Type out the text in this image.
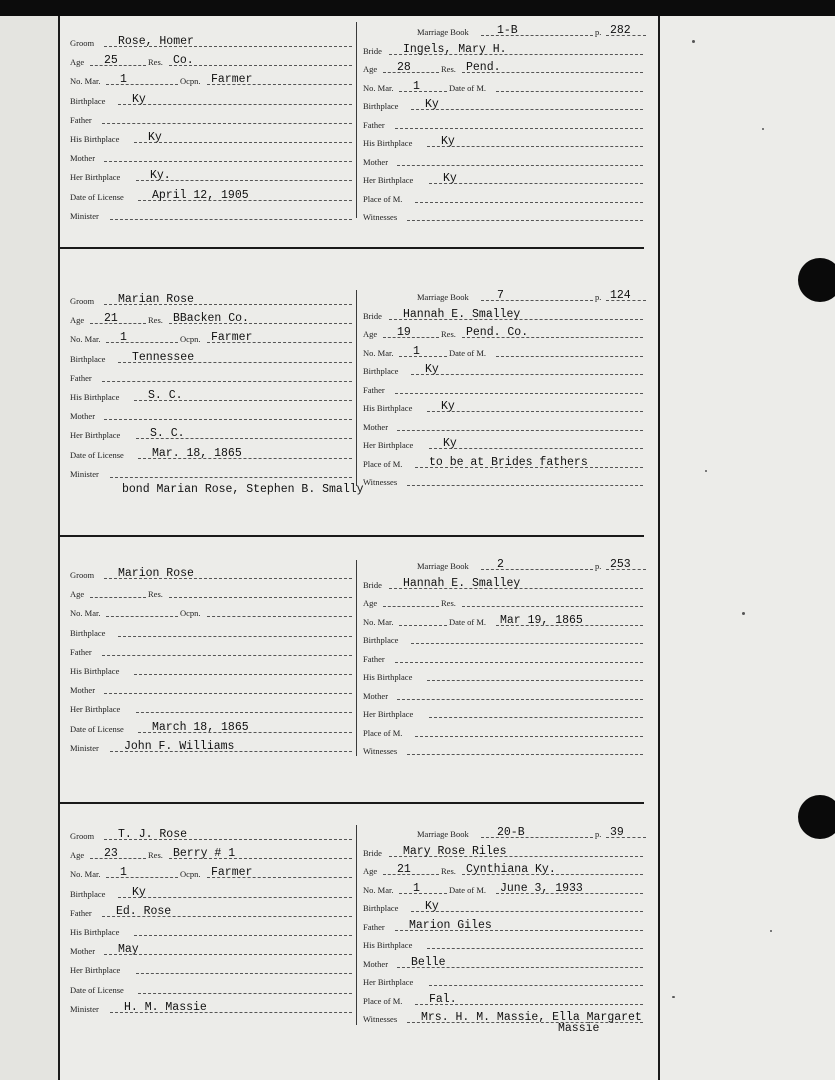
Groom Rose, Homer
Age 25	Res. Co.
No. Mar. 1	Ocpn. Farmer
Birthplace Ky
Father
His Birthplace Ky
Mother
Her Birthplace	Ky.
Date of License April 12, 1905
Minister
Marriage Book 1-B	p. 282
Bride Ingels, Mary H.
Age 28	Res. Pend.
No. Mar. 1	Date of M.
Birthplace Ky
Father
His Birthplace Ky
Mother
Her Birthplace	Ky
Place of M.
Witnesses
Groom Marian Rose
Age 21	Res. BBacken Co.
No. Mar. 1	Ocpn. Farmer
Birthplace Tennessee
Father
His Birthplace S. C.
Mother
Her Birthplace	S. C.
Date of License Mar. 18, 1865
Minister
Marriage Book 7	p. 124
Bride Hannah E. Smalley
Age 19	Res. Pend. Co.
No. Mar. 1	Date of M.
Birthplace Ky
Father
His Birthplace Ky
Mother
Her Birthplace	Ky
Place of M. to be at Brides fathers
Witnesses
bond Marian Rose, Stephen B. Smally
Groom Marion Rose
Age	Res.
No. Mar.	Ocpn.
Birthplace
Father
His Birthplace
Mother
Her Birthplace
Date of License March 18, 1865
Minister John F. Williams
Marriage Book 2	p. 253
Bride Hannah E. Smalley
Age	Res.
No. Mar.	Date of M. Mar 19, 1865
Birthplace
Father
His Birthplace
Mother
Her Birthplace
Place of M.
Witnesses
Groom T. J. Rose
Age 23	Res. Berry # 1
No. Mar. 1	Ocpn. Farmer
Birthplace Ky
Father Ed. Rose
His Birthplace
Mother May
Her Birthplace
Date of License
Minister H. M. Massie
Marriage Book 20-B	p. 39
Bride Mary Rose Riles
Age 21	Res. Cynthiana Ky.
No. Mar. 1	Date of M. June 3, 1933
Birthplace Ky
Father Marion Giles
His Birthplace
Mother Belle
Her Birthplace
Place of M. Fal.
Witnesses Mrs. H. M. Massie, Ella Margaret
Massie
